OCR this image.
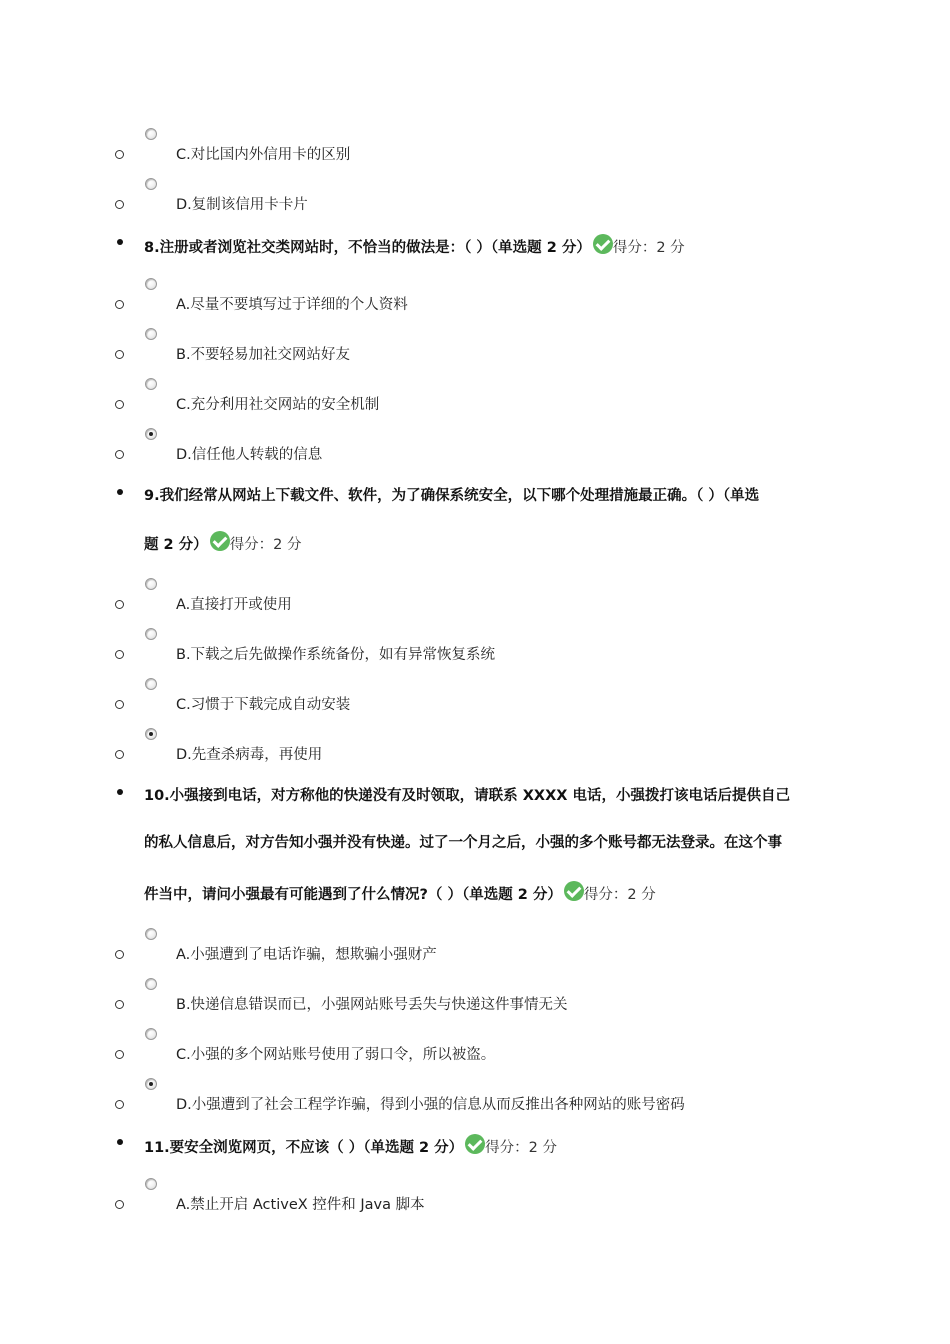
C.对比国内外信用卡的区别
D.复制该信用卡卡片
8.注册或者浏览社交类网站时，不恰当的做法是：（ ）（单选题 2 分） 得分：2 分
A.尽量不要填写过于详细的个人资料
B.不要轻易加社交网站好友
C.充分利用社交网站的安全机制
D.信任他人转载的信息
9.我们经常从网站上下载文件、软件，为了确保系统安全，以下哪个处理措施最正确。（ ）（单选
题 2 分） 得分：2 分
A.直接打开或使用
B.下载之后先做操作系统备份，如有异常恢复系统
C.习惯于下载完成自动安装
D.先查杀病毒，再使用
10.小强接到电话，对方称他的快递没有及时领取，请联系 XXXX 电话，小强拨打该电话后提供自己
的私人信息后，对方告知小强并没有快递。过了一个月之后，小强的多个账号都无法登录。在这个事
件当中，请问小强最有可能遇到了什么情况?（ ）（单选题 2 分） 得分：2 分
A.小强遭到了电话诈骗，想欺骗小强财产
B.快递信息错误而已，小强网站账号丢失与快递这件事情无关
C.小强的多个网站账号使用了弱口令，所以被盗。
D.小强遭到了社会工程学诈骗，得到小强的信息从而反推出各种网站的账号密码
11.要安全浏览网页，不应该（ ）（单选题 2 分） 得分：2 分
A.禁止开启 ActiveX 控件和 Java 脚本
